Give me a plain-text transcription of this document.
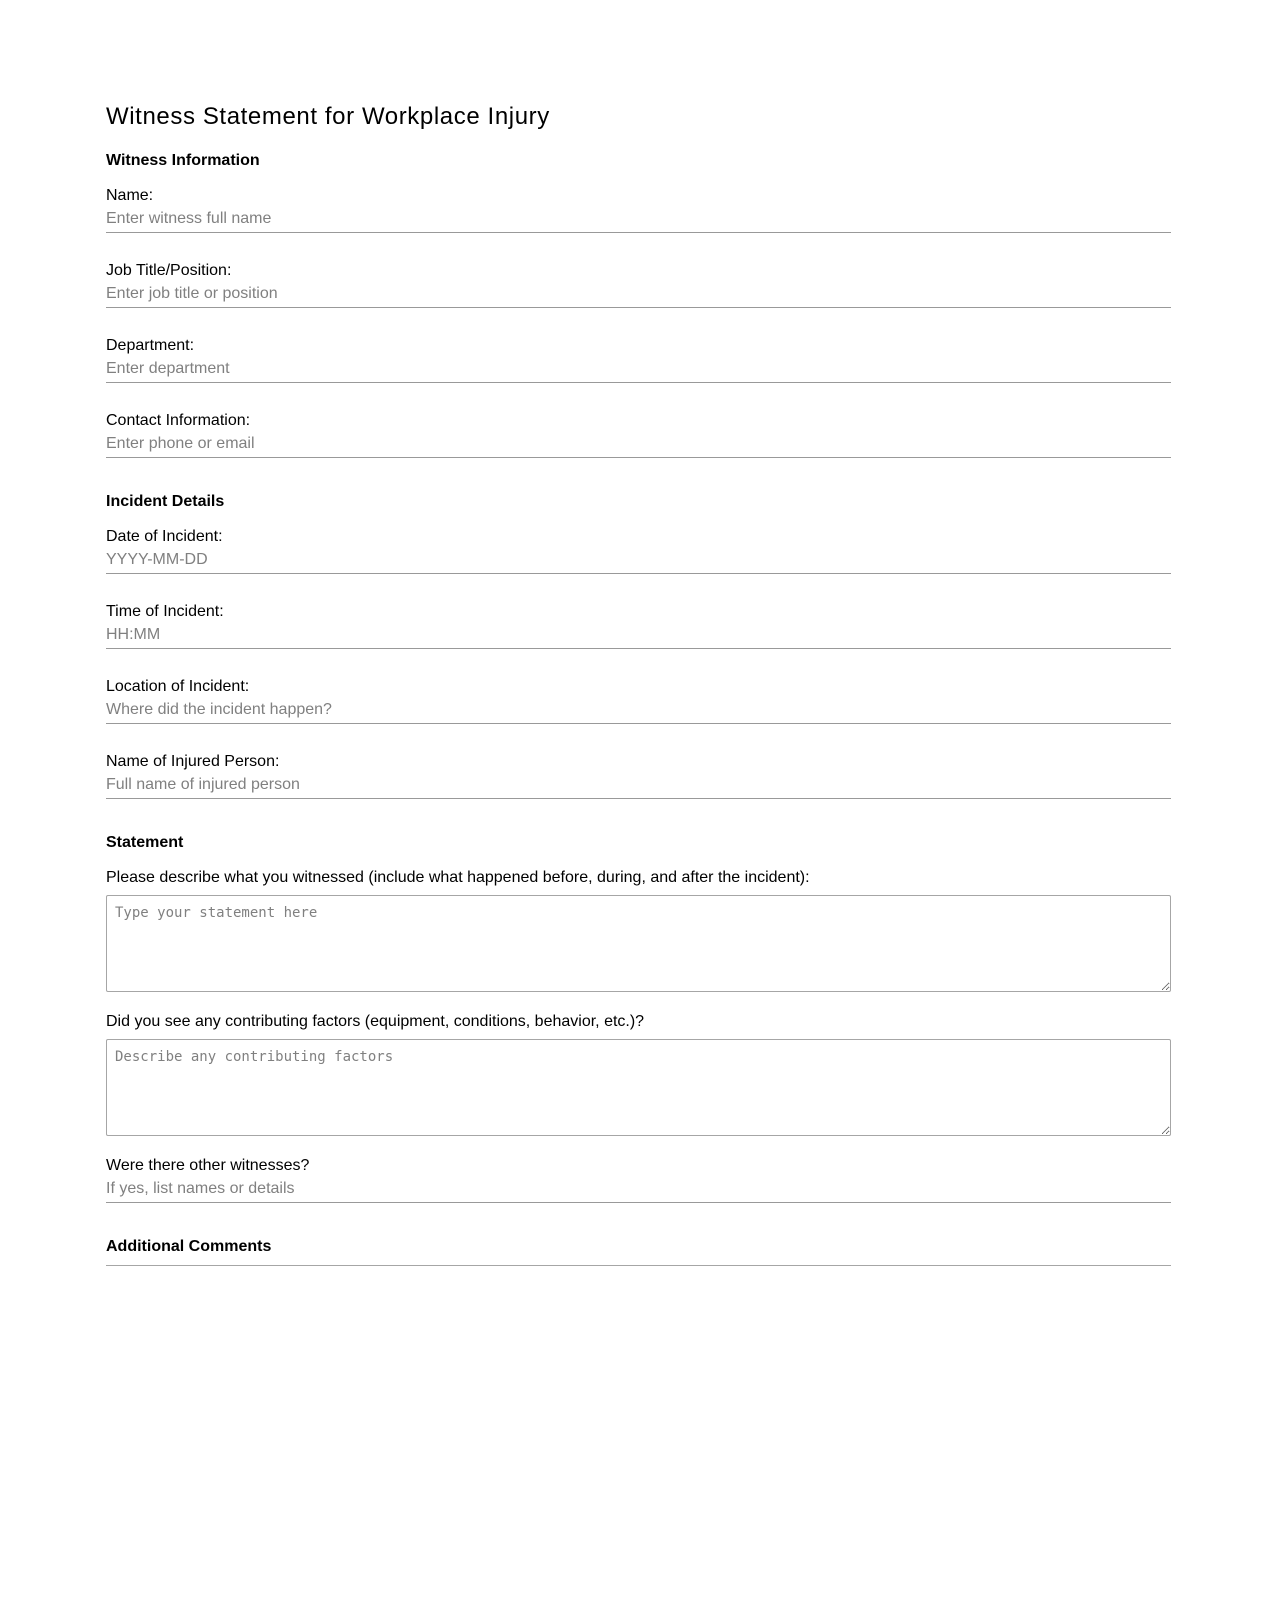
Witness Statement for Workplace Injury
Witness Information
Name:
Enter witness full name
Job Title/Position:
Enter job title or position
Department:
Enter department
Contact Information:
Enter phone or email
Incident Details
Date of Incident:
YYYY-MM-DD
Time of Incident:
HH:MM
Location of Incident:
Where did the incident happen?
Name of Injured Person:
Full name of injured person
Statement
Please describe what you witnessed (include what happened before, during, and after the incident):
Type your statement here
Did you see any contributing factors (equipment, conditions, behavior, etc.)?
Describe any contributing factors
Were there other witnesses?
If yes, list names or details
Additional Comments
